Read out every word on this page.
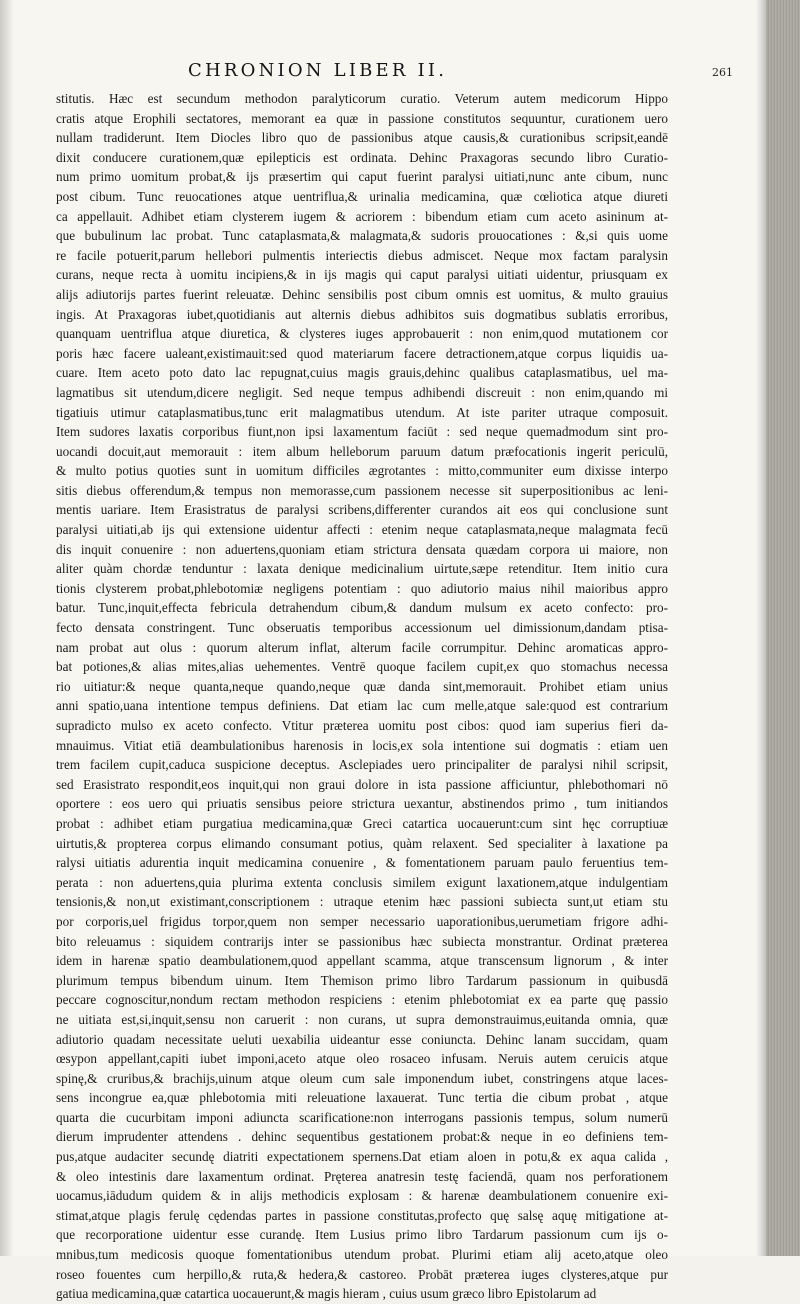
CHRONION LIBER II.	261
stitutis. Hæc est secundum methodon paralyticorum curatio. Veterum autem medicorum Hippo
cratis atque Erophili sectatores, memorant ea quæ in passione constitutos sequuntur, curationem uero
nullam tradiderunt. Item Diocles libro quo de passionibus atque causis,& curationibus scripsit,eandē
dixit conducere curationem,quæ epilepticis est ordinata. Dehinc Praxagoras secundo libro Curatio-
num primo uomitum probat,& ijs præsertim qui caput fuerint paralysi uitiati,nunc ante cibum, nunc
post cibum. Tunc reuocationes atque uentriflua,& urinalia medicamina, quæ cœliotica atque diureti
ca appellauit. Adhibet etiam clysterem iugem & acriorem : bibendum etiam cum aceto asininum at-
que bubulinum lac probat. Tunc cataplasmata,& malagmata,& sudoris prouocationes : &,si quis uome
re facile potuerit,parum hellebori pulmentis interiectis diebus admiscet. Neque mox factam paralysin
curans, neque recta à uomitu incipiens,& in ijs magis qui caput paralysi uitiati uidentur, priusquam ex
alijs adiutorijs partes fuerint releuatæ. Dehinc sensibilis post cibum omnis est uomitus, & multo grauius
ingis. At Praxagoras iubet,quotidianis aut alternis diebus adhibitos suis dogmatibus sublatis erroribus,
quanquam uentriflua atque diuretica, & clysteres iuges approbauerit : non enim,quod mutationem cor
poris hæc facere ualeant,existimauit:sed quod materiarum facere detractionem,atque corpus liquidis ua-
cuare. Item aceto poto dato lac repugnat,cuius magis grauis,dehinc qualibus cataplasmatibus, uel ma-
lagmatibus sit utendum,dicere negligit. Sed neque tempus adhibendi discreuit : non enim,quando mi
tigatiuis utimur cataplasmatibus,tunc erit malagmatibus utendum. At iste pariter utraque composuit.
Item sudores laxatis corporibus fiunt,non ipsi laxamentum faciūt : sed neque quemadmodum sint pro-
uocandi docuit,aut memorauit : item album helleborum paruum datum præfocationis ingerit periculū,
& multo potius quoties sunt in uomitum difficiles ægrotantes : mitto,communiter eum dixisse interpo
sitis diebus offerendum,& tempus non memorasse,cum passionem necesse sit superpositionibus ac leni-
mentis uariare. Item Erasistratus de paralysi scribens,differenter curandos ait eos qui conclusione sunt
paralysi uitiati,ab ijs qui extensione uidentur affecti : etenim neque cataplasmata,neque malagmata fecū
dis inquit conuenire : non aduertens,quoniam etiam strictura densata quædam corpora ui maiore, non
aliter quàm chordæ tenduntur : laxata denique medicinalium uirtute,sæpe retenditur. Item initio cura
tionis clysterem probat,phlebotomiæ negligens potentiam : quo adiutorio maius nihil maioribus appro
batur. Tunc,inquit,effecta febricula detrahendum cibum,& dandum mulsum ex aceto confecto: pro-
fecto densata constringent. Tunc obseruatis temporibus accessionum uel dimissionum,dandam ptisa-
nam probat aut olus : quorum alterum inflat, alterum facile corrumpitur. Dehinc aromaticas appro-
bat potiones,& alias mites,alias uehementes. Ventrē quoque facilem cupit,ex quo stomachus necessa
rio uitiatur:& neque quanta,neque quando,neque quæ danda sint,memorauit. Prohibet etiam unius
anni spatio,uana intentione tempus definiens. Dat etiam lac cum melle,atque sale:quod est contrarium
supradicto mulso ex aceto confecto. Vtitur præterea uomitu post cibos: quod iam superius fieri da-
mnauimus. Vitiat etiā deambulationibus harenosis in locis,ex sola intentione sui dogmatis : etiam uen
trem facilem cupit,caduca suspicione deceptus. Asclepiades uero principaliter de paralysi nihil scripsit,
sed Erasistrato respondit,eos inquit,qui non graui dolore in ista passione afficiuntur, phlebothomari nō
oportere : eos uero qui priuatis sensibus peiore strictura uexantur, abstinendos primo , tum initiandos
probat : adhibet etiam purgatiua medicamina,quæ Greci catartica uocauerunt:cum sint hęc corruptiuæ
uirtutis,& propterea corpus elimando consumant potius, quàm relaxent. Sed specialiter à laxatione pa
ralysi uitiatis adurentia inquit medicamina conuenire , & fomentationem paruam paulo feruentius tem-
perata : non aduertens,quia plurima extenta conclusis similem exigunt laxationem,atque indulgentiam
tensionis,& non,ut existimant,conscriptionem : utraque etenim hæc passioni subiecta sunt,ut etiam stu
por corporis,uel frigidus torpor,quem non semper necessario uaporationibus,uerumetiam frigore adhi-
bito releuamus : siquidem contrarijs inter se passionibus hæc subiecta monstrantur. Ordinat præterea
idem in harenæ spatio deambulationem,quod appellant scamma, atque transcensum lignorum , & inter
plurimum tempus bibendum uinum. Item Themison primo libro Tardarum passionum in quibusdā
peccare cognoscitur,nondum rectam methodon respiciens : etenim phlebotomiat ex ea parte quę passio
ne uitiata est,si,inquit,sensu non caruerit : non curans, ut supra demonstrauimus,euitanda omnia, quæ
adiutorio quadam necessitate ueluti uexabilia uideantur esse coniuncta. Dehinc lanam succidam, quam
œsypon appellant,capiti iubet imponi,aceto atque oleo rosaceo infusam. Neruis autem ceruicis atque
spinę,& cruribus,& brachijs,uinum atque oleum cum sale imponendum iubet, constringens atque laces-
sens incongrue ea,quæ phlebotomia miti releuatione laxauerat. Tunc tertia die cibum probat , atque
quarta die cucurbitam imponi adiuncta scarificatione:non interrogans passionis tempus, solum numerū
dierum imprudenter attendens . dehinc sequentibus gestationem probat:& neque in eo definiens tem-
pus,atque audaciter secundę diatriti expectationem spernens.Dat etiam aloen in potu,& ex aqua calida ,
& oleo intestinis dare laxamentum ordinat. Pręterea anatresin testę faciendā, quam nos perforationem
uocamus,iādudum quidem & in alijs methodicis explosam : & harenæ deambulationem conuenire exi-
stimat,atque plagis ferulę cędendas partes in passione constitutas,profecto quę salsę aquę mitigatione at-
que recorporatione uidentur esse curandę. Item Lusius primo libro Tardarum passionum cum ijs o-
mnibus,tum medicosis quoque fomentationibus utendum probat. Plurimi etiam alij aceto,atque oleo
roseo fouentes cum herpillo,& ruta,& hedera,& castoreo. Probāt præterea iuges clysteres,atque pur
gatiua medicamina,quæ catartica uocauerunt,& magis hieram , cuius usum græco libro Epistolarum ad
